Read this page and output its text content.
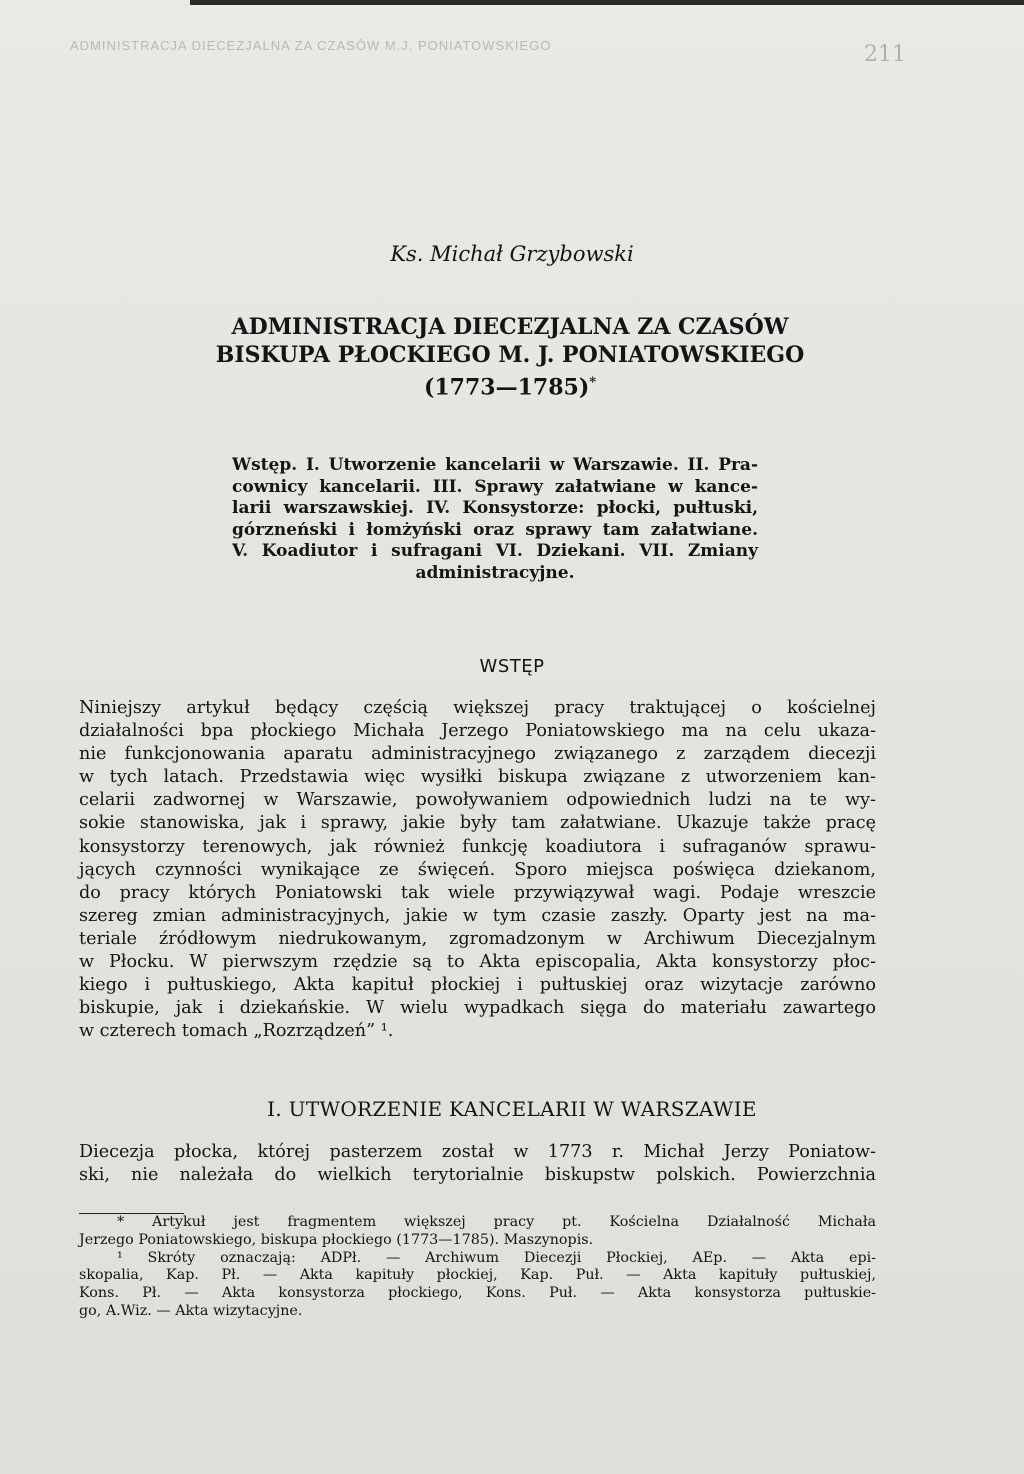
ADMINISTRACJA DIECEZJALNA ZA CZASÓW M.J. PONIATOWSKIEGO	211
Ks. Michał Grzybowski
ADMINISTRACJA DIECEZJALNA ZA CZASÓW
BISKUPA PŁOCKIEGO M. J. PONIATOWSKIEGO
(1773—1785)*
Wstęp. I. Utworzenie kancelarii w Warszawie. II. Pra-
cownicy kancelarii. III. Sprawy załatwiane w kance-
larii warszawskiej. IV. Konsystorze: płocki, pułtuski,
górzneński i łomżyński oraz sprawy tam załatwiane.
V. Koadiutor i sufragani VI. Dziekani. VII. Zmiany
administracyjne.
WSTĘP
Niniejszy artykuł będący częścią większej pracy traktującej o kościelnej
działalności bpa płockiego Michała Jerzego Poniatowskiego ma na celu ukaza-
nie funkcjonowania aparatu administracyjnego związanego z zarządem diecezji
w tych latach. Przedstawia więc wysiłki biskupa związane z utworzeniem kan-
celarii zadwornej w Warszawie, powoływaniem odpowiednich ludzi na te wy-
sokie stanowiska, jak i sprawy, jakie były tam załatwiane. Ukazuje także pracę
konsystorzy terenowych, jak również funkcję koadiutora i sufraganów sprawu-
jących czynności wynikające ze święceń. Sporo miejsca poświęca dziekanom,
do pracy których Poniatowski tak wiele przywiązywał wagi. Podaje wreszcie
szereg zmian administracyjnych, jakie w tym czasie zaszły. Oparty jest na ma-
teriale źródłowym niedrukowanym, zgromadzonym w Archiwum Diecezjalnym
w Płocku. W pierwszym rzędzie są to Akta episcopalia, Akta konsystorzy płoc-
kiego i pułtuskiego, Akta kapituł płockiej i pułtuskiej oraz wizytacje zarówno
biskupie, jak i dziekańskie. W wielu wypadkach sięga do materiału zawartego
w czterech tomach „Rozrządzeń” ¹.
I. UTWORZENIE KANCELARII W WARSZAWIE
Diecezja płocka, której pasterzem został w 1773 r. Michał Jerzy Poniatow-
ski, nie należała do wielkich terytorialnie biskupstw polskich. Powierzchnia
* Artykuł jest fragmentem większej pracy pt. Kościelna Działalność Michała
Jerzego Poniatowskiego, biskupa płockiego (1773—1785). Maszynopis.
¹ Skróty oznaczają: ADPł. — Archiwum Diecezji Płockiej, AEp. — Akta epi-
skopalia, Kap. Pł. — Akta kapituły płockiej, Kap. Puł. — Akta kapituły pułtuskiej,
Kons. Pł. — Akta konsystorza płockiego, Kons. Puł. — Akta konsystorza pułtuskie-
go, A.Wiz. — Akta wizytacyjne.
